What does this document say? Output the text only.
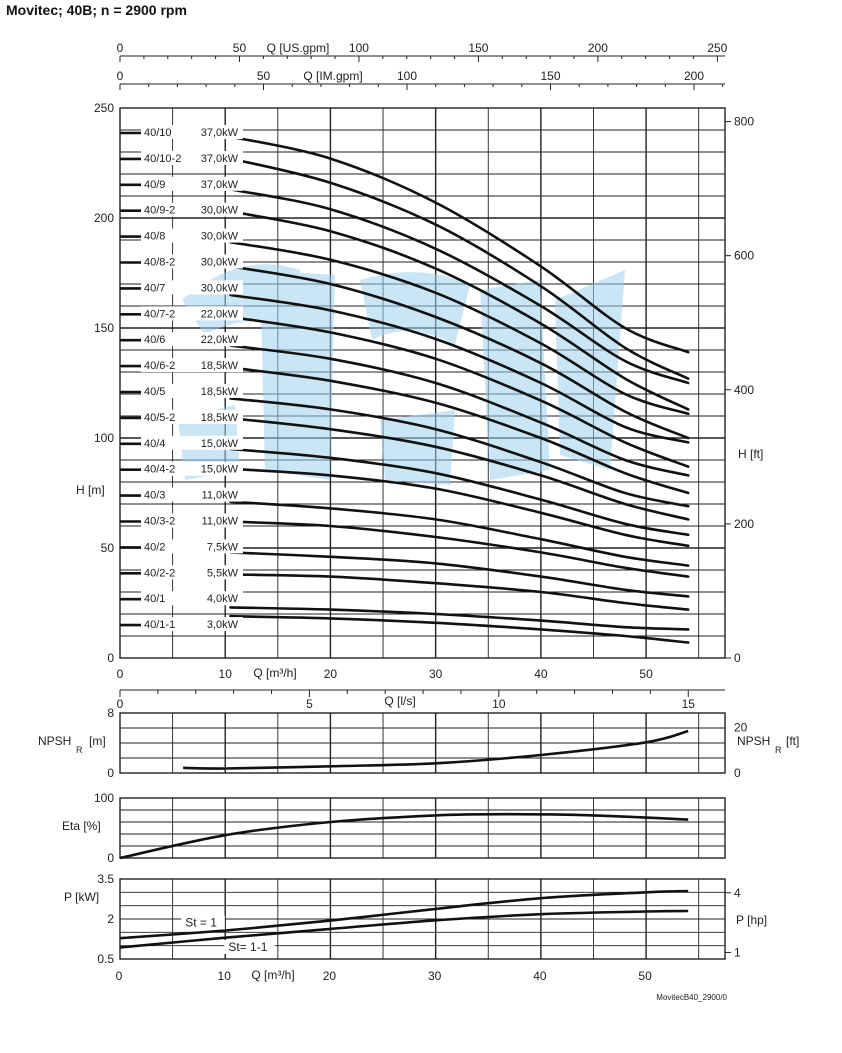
Movitec; 40B; n = 2900 rpm
40/10	37,0kW
40/10-2 37,0kW
40/9	37,0kW
40/9-2 30,0kW
40/8	30,0kW
40/8-2 30,0kW
40/7	30,0kW
40/7-2 22,0kW
40/6	22,0kW
40/6-2 18,5kW
40/5	18,5kW
40/5-2 18,5kW
40/4	15,0kW
40/4-2 15,0kW
40/3	11,0kW
40/3-2 11,0kW
40/2	7,5kW
40/2-2	5,5kW
40/1	4,0kW
40/1-1	3,0kW
0
50
100
150
200
250
H [m]
0
200
400
600
800
H [ft]
0	50	100	150	200	250
Q [US.gpm]
0	50	100	150	200
Q [IM.gpm]
0	10	20	30	40	50
Q [m³/h]
0	5	10	15
Q [l/s]
0
8
0
20
NPSH
R
[m]	NPSH
R
[ft]
0
100
Eta [%]
St = 1
St= 1-1
0.5
2
3.5
1
4
P [kW]
P [hp]
0	10	20	30	40	50
Q [m³/h]
MovitecB40_2900/0
